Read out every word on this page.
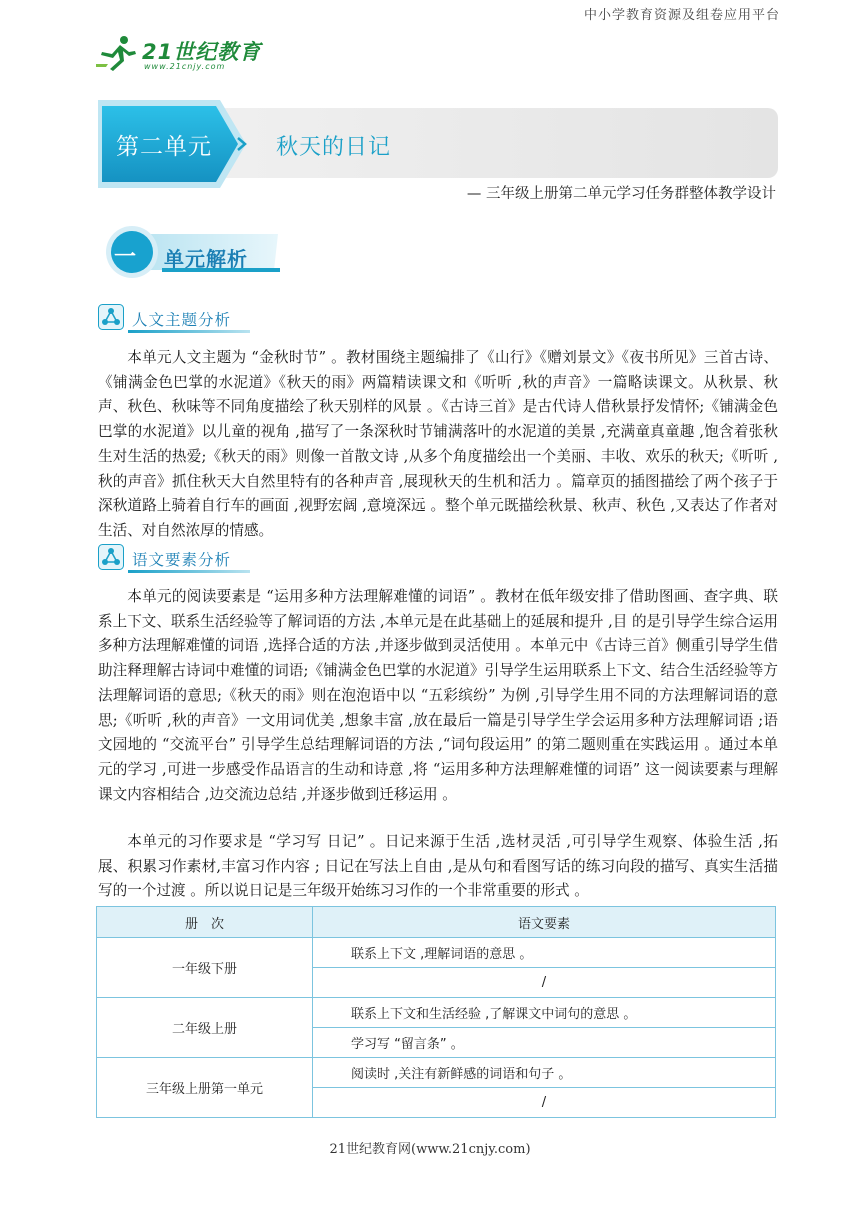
中小学教育资源及组卷应用平台
21世纪教育
www.21cnjy.com
第二单元	秋天的日记
— 三年级上册第二单元学习任务群整体教学设计
一 单元解析
人文主题分析

本单元人文主题为 “金秋时节” 。教材围绕主题编排了《山行》《赠刘景文》《夜书所见》三首古诗、《铺满金色巴掌的水泥道》《秋天的雨》两篇精读课文和《听听 ,秋的声音》一篇略读课文。从秋景、秋声、秋色、秋味等不同角度描绘了秋天别样的风景 。《古诗三首》是古代诗人借秋景抒发情怀;《铺满金色巴掌的水泥道》以儿童的视角 ,描写了一条深秋时节铺满落叶的水泥道的美景 ,充满童真童趣 ,饱含着张秋生对生活的热爱;《秋天的雨》则像一首散文诗 ,从多个角度描绘出一个美丽、丰收、欢乐的秋天;《听听 ,秋的声音》抓住秋天大自然里特有的各种声音 ,展现秋天的生机和活力 。篇章页的插图描绘了两个孩子于深秋道路上骑着自行车的画面 ,视野宏阔 ,意境深远 。整个单元既描绘秋景、秋声、秋色 ,又表达了作者对生活、对自然浓厚的情感。

语文要素分析

本单元的阅读要素是 “运用多种方法理解难懂的词语” 。教材在低年级安排了借助图画、查字典、联系上下文、联系生活经验等了解词语的方法 ,本单元是在此基础上的延展和提升 ,目 的是引导学生综合运用多种方法理解难懂的词语 ,选择合适的方法 ,并逐步做到灵活使用 。本单元中《古诗三首》侧重引导学生借助注释理解古诗词中难懂的词语;《铺满金色巴掌的水泥道》引导学生运用联系上下文、结合生活经验等方法理解词语的意思;《秋天的雨》则在泡泡语中以 “五彩缤纷” 为例 ,引导学生用不同的方法理解词语的意思;《听听 ,秋的声音》一文用词优美 ,想象丰富 ,放在最后一篇是引导学生学会运用多种方法理解词语 ;语文园地的 “交流平台” 引导学生总结理解词语的方法 ,“词句段运用” 的第二题则重在实践运用 。通过本单元的学习 ,可进一步感受作品语言的生动和诗意 ,将 “运用多种方法理解难懂的词语” 这一阅读要素与理解课文内容相结合 ,边交流边总结 ,并逐步做到迁移运用 。

本单元的习作要求是 “学习写 日记” 。日记来源于生活 ,选材灵活 ,可引导学生观察、体验生活 ,拓展、积累习作素材,丰富习作内容 ; 日记在写法上自由 ,是从句和看图写话的练习向段的描写、真实生活描写的一个过渡 。所以说日记是三年级开始练习习作的一个非常重要的形式 。

册　次	语文要素
一年级下册	联系上下文 ,理解词语的意思 。
	/
二年级上册	联系上下文和生活经验 ,了解课文中词句的意思 。
	学习写 “留言条” 。
三年级上册第一单元	阅读时 ,关注有新鲜感的词语和句子 。
	/
21世纪教育网(www.21cnjy.com)
